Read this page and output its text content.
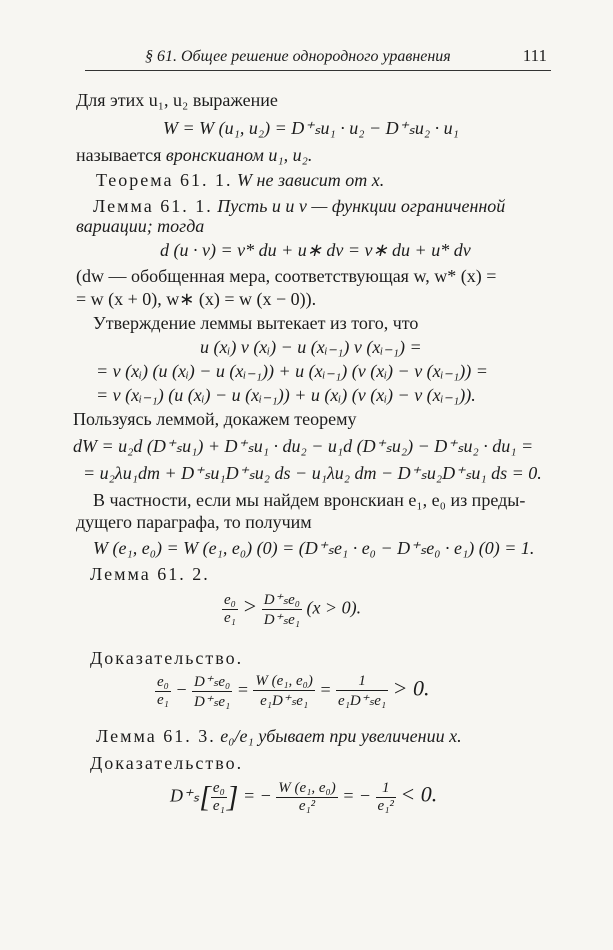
§ 61. Общее решение однородного уравнения	111
Для этих u₁, u₂ выражение
W = W (u₁, u₂) = D⁺ₛu₁ · u₂ − D⁺ₛu₂ · u₁
называется вронскианом u₁, u₂.
Теорема 61. 1. W не зависит от x.
Лемма 61. 1. Пусть u и v — функции ограниченной
вариации; тогда
d (u · v) = v* du + u∗ dv = v∗ du + u* dv
(dw — обобщенная мера, соответствующая w, w* (x) =
= w (x + 0), w∗ (x) = w (x − 0)).
Утверждение леммы вытекает из того, что
u (xᵢ) v (xᵢ) − u (xᵢ₋₁) v (xᵢ₋₁) =
= v (xᵢ) (u (xᵢ) − u (xᵢ₋₁)) + u (xᵢ₋₁) (v (xᵢ) − v (xᵢ₋₁)) =
= v (xᵢ₋₁) (u (xᵢ) − u (xᵢ₋₁)) + u (xᵢ) (v (xᵢ) − v (xᵢ₋₁)).
Пользуясь леммой, докажем теорему
dW = u₂d (D⁺ₛu₁) + D⁺ₛu₁ · du₂ − u₁d (D⁺ₛu₂) − D⁺ₛu₂ · du₁ =
= u₂λu₁dm + D⁺ₛu₁D⁺ₛu₂ ds − u₁λu₂ dm − D⁺ₛu₂D⁺ₛu₁ ds = 0.
В частности, если мы найдем вронскиан e₁, e₀ из преды-
дущего параграфа, то получим
W (e₁, e₀) = W (e₁, e₀) (0) = (D⁺ₛe₁ · e₀ − D⁺ₛe₀ · e₁) (0) = 1.
Лемма 61. 2.
$\frac{\text{e₀}}{\text{e₁}} > \frac{\text{D⁺ₛe₀}}{\text{D⁺ₛe₁}} (x > 0)$.
Доказательство.
$\frac{\text{e₀}}{\text{e₁}} - \frac{\text{D⁺ₛe₀}}{\text{D⁺ₛe₁}} = \frac{\text{W (e₁, e₀)}}{\text{e₁D⁺ₛe₁}} = \frac{1}{\text{e₁D⁺ₛe₁}} > 0$.
Лемма 61. 3. e₀/e₁ убывает при увеличении x.
Доказательство.
$D^+_s[ \frac{\text{e₀}}{\text{e₁}}$ ] = − $\frac{\text{W (e₁, e₀)}}{\text{e₁²}}$ = − $\frac{1}{\text{e₁²}} < 0$.
